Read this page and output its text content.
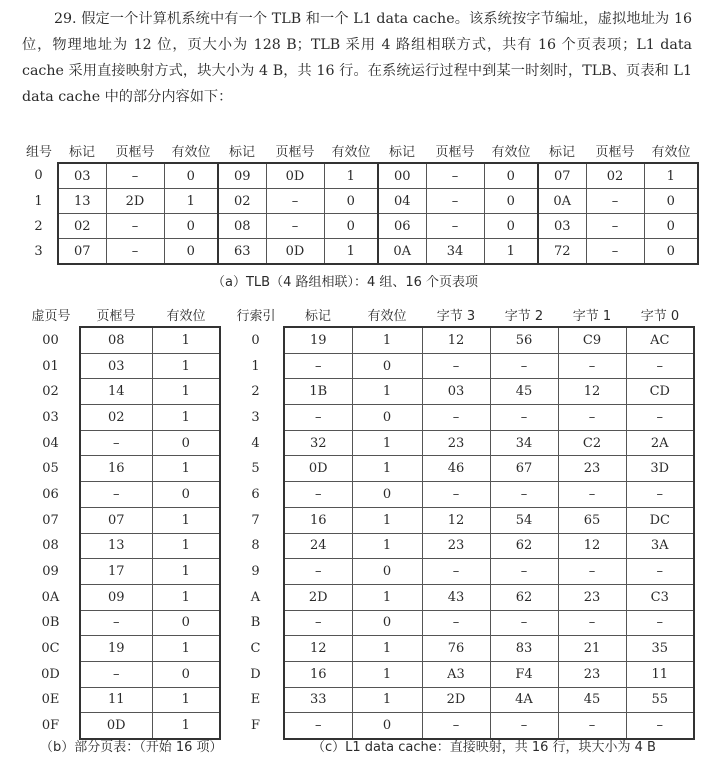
29. 假定一个计算机系统中有一个 TLB 和一个 L1 data cache。该系统按字节编址，虚拟地址为 16 位，物理地址为 12 位，页大小为 128 B；TLB 采用 4 路组相联方式，共有 16 个页表项；L1 data cache 采用直接映射方式，块大小为 4 B，共 16 行。在系统运行过程中到某一时刻时，TLB、页表和 L1 data cache 中的部分内容如下：

组号	标记	页框号	有效位	标记	页框号	有效位	标记	页框号	有效位	标记	页框号	有效位
0	03	–	0	09	0D	1	00	–	0	07	02	1
1	13	2D	1	02	–	0	04	–	0	0A	–	0
2	02	–	0	08	–	0	06	–	0	03	–	0
3	07	–	0	63	0D	1	0A	34	1	72	–	0
（a）TLB（4 路组相联）：4 组、16 个页表项
虚页号	页框号	有效位
00	08	1
01	03	1
02	14	1
03	02	1
04	–	0
05	16	1
06	–	0
07	07	1
08	13	1
09	17	1
0A	09	1
0B	–	0
0C	19	1
0D	–	0
0E	11	1
0F	0D	1
（b）部分页表：（开始 16 项）
行索引	标记	有效位	字节 3	字节 2	字节 1	字节 0
0	19	1	12	56	C9	AC
1	–	0	–	–	–	–
2	1B	1	03	45	12	CD
3	–	0	–	–	–	–
4	32	1	23	34	C2	2A
5	0D	1	46	67	23	3D
6	–	0	–	–	–	–
7	16	1	12	54	65	DC
8	24	1	23	62	12	3A
9	–	0	–	–	–	–
A	2D	1	43	62	23	C3
B	–	0	–	–	–	–
C	12	1	76	83	21	35
D	16	1	A3	F4	23	11
E	33	1	2D	4A	45	55
F	–	0	–	–	–	–
（c）L1 data cache：直接映射，共 16 行，块大小为 4 B
